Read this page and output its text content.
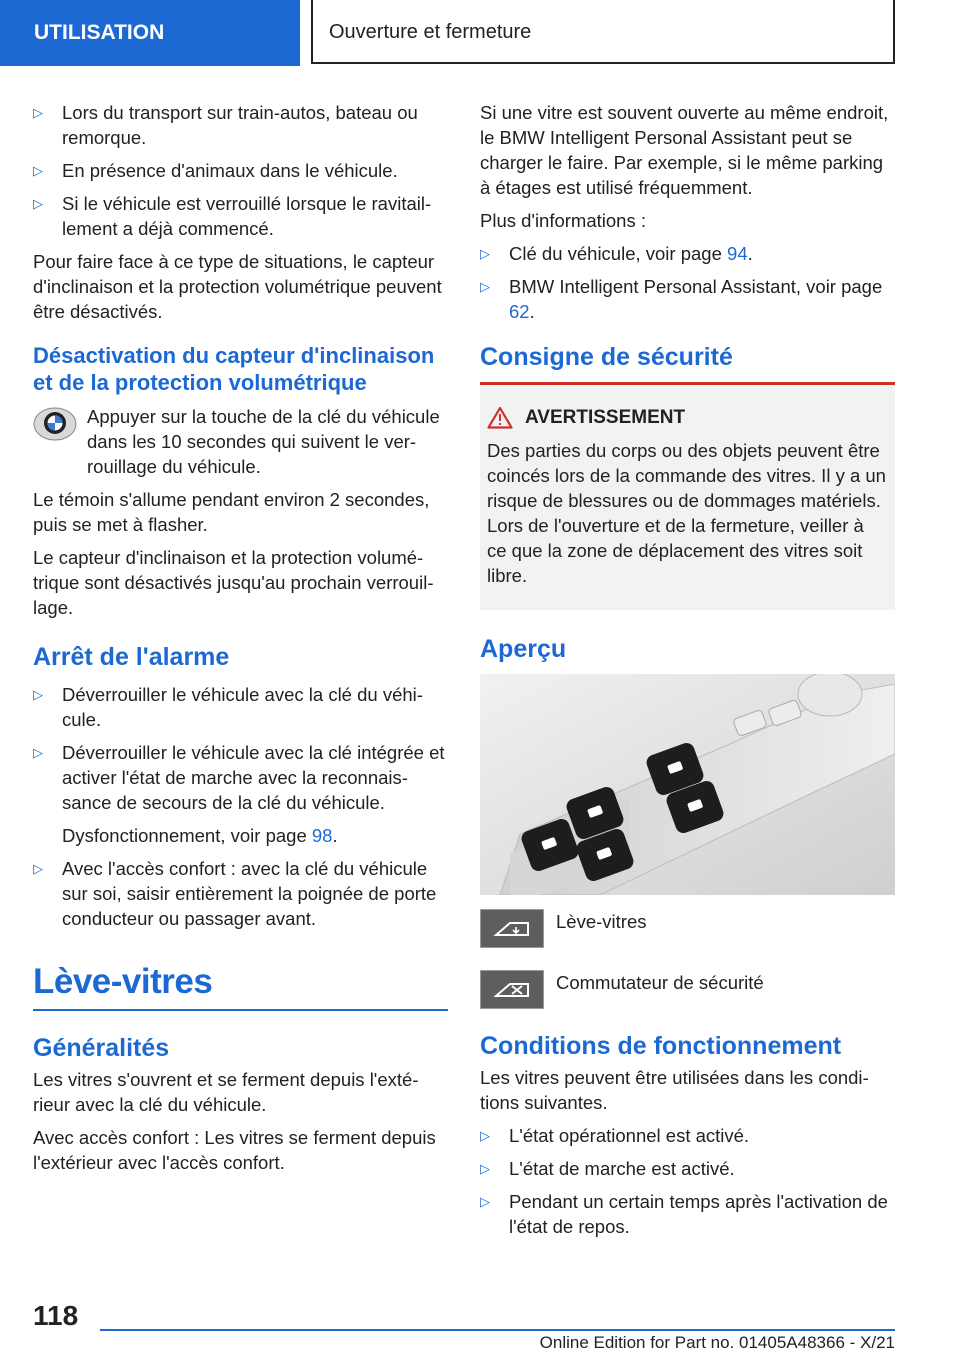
UTILISATION	Ouverture et fermeture
▷ Lors du transport sur train-autos, bateau ou remorque.
▷ En présence d'animaux dans le véhicule.
▷ Si le véhicule est verrouillé lorsque le ravitaillement a déjà commencé.

Pour faire face à ce type de situations, le capteur d'inclinaison et la protection volumétrique peuvent être désactivés.

Désactivation du capteur d'inclinaison et de la protection volumétrique

Appuyer sur la touche de la clé du véhicule dans les 10 secondes qui suivent le verrouillage du véhicule.

Le témoin s'allume pendant environ 2 secondes, puis se met à flasher.

Le capteur d'inclinaison et la protection volumétrique sont désactivés jusqu'au prochain verrouillage.

Arrêt de l'alarme
▷ Déverrouiller le véhicule avec la clé du véhicule.
▷ Déverrouiller le véhicule avec la clé intégrée et activer l'état de marche avec la reconnaissance de secours de la clé du véhicule.
Dysfonctionnement, voir page 98.
▷ Avec l'accès confort : avec la clé du véhicule sur soi, saisir entièrement la poignée de porte conducteur ou passager avant.
Lève-vitres
Généralités

Les vitres s'ouvrent et se ferment depuis l'extérieur avec la clé du véhicule.

Avec accès confort : Les vitres se ferment depuis l'extérieur avec l'accès confort.

Si une vitre est souvent ouverte au même endroit, le BMW Intelligent Personal Assistant peut se charger le faire. Par exemple, si le même parking à étages est utilisé fréquemment.

Plus d'informations :

▷ Clé du véhicule, voir page 94.
▷ BMW Intelligent Personal Assistant, voir page 62.
Consigne de sécurité
AVERTISSEMENT
Des parties du corps ou des objets peuvent être coincés lors de la commande des vitres. Il y a un risque de blessures ou de dommages matériels. Lors de l'ouverture et de la fermeture, veiller à ce que la zone de déplacement des vitres soit libre.
Aperçu
Lève-vitres
Commutateur de sécurité
Conditions de fonctionnement

Les vitres peuvent être utilisées dans les conditions suivantes.

▷ L'état opérationnel est activé.
▷ L'état de marche est activé.
▷ Pendant un certain temps après l'activation de l'état de repos.
118
Online Edition for Part no. 01405A48366 - X/21
